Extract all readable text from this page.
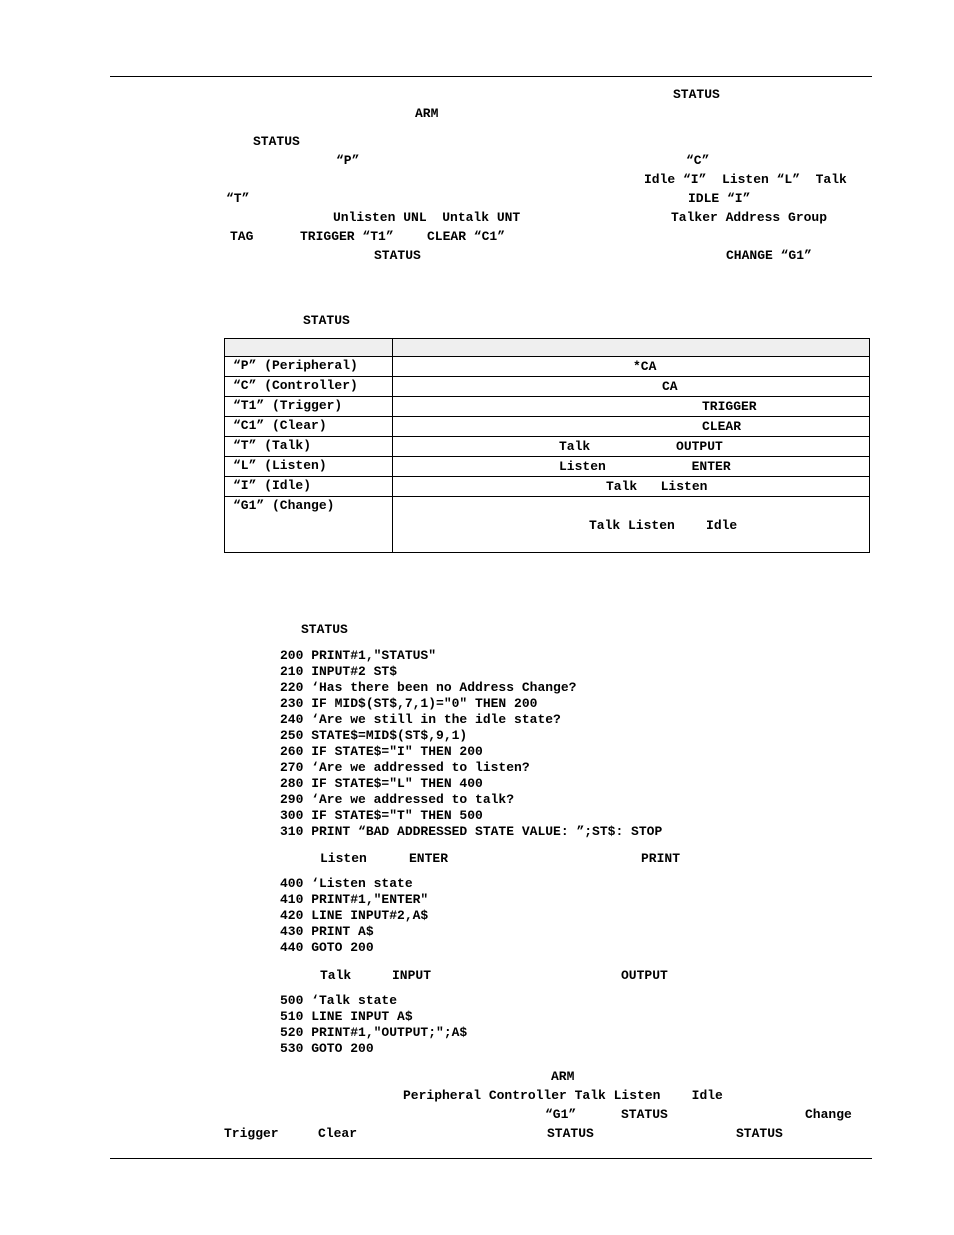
STATUS
ARM
STATUS
“P”	“C”
Idle “I”  Listen “L”  Talk
“T”	IDLE “I”
Unlisten UNL  Untalk UNT	Talker Address Group
TAG	TRIGGER “T1”	CLEAR “C1”
STATUS	CHANGE “G1”
STATUS

“P” (Peripheral)	*CA

“C” (Controller)	CA

“T1” (Trigger)	TRIGGER

“C1” (Clear)	CLEAR

“T” (Talk)	Talk           OUTPUT

“L” (Listen)	Listen           ENTER

“I” (Idle)	Talk   Listen

“G1” (Change)	Talk Listen    Idle
STATUS
200 PRINT#1,"STATUS"
210 INPUT#2 ST$
220 ‘Has there been no Address Change?
230 IF MID$(ST$,7,1)="0" THEN 200
240 ‘Are we still in the idle state?
250 STATE$=MID$(ST$,9,1)
260 IF STATE$="I" THEN 200
270 ‘Are we addressed to listen?
280 IF STATE$="L" THEN 400
290 ‘Are we addressed to talk?
300 IF STATE$="T" THEN 500
310 PRINT “BAD ADDRESSED STATE VALUE: ”;ST$: STOP
Listen	ENTER	PRINT
400 ‘Listen state
410 PRINT#1,"ENTER"
420 LINE INPUT#2,A$
430 PRINT A$
440 GOTO 200
Talk	INPUT	OUTPUT
500 ‘Talk state
510 LINE INPUT A$
520 PRINT#1,"OUTPUT;";A$
530 GOTO 200
ARM
Peripheral Controller Talk Listen    Idle
“G1”	STATUS	Change
Trigger	Clear	STATUS	STATUS
